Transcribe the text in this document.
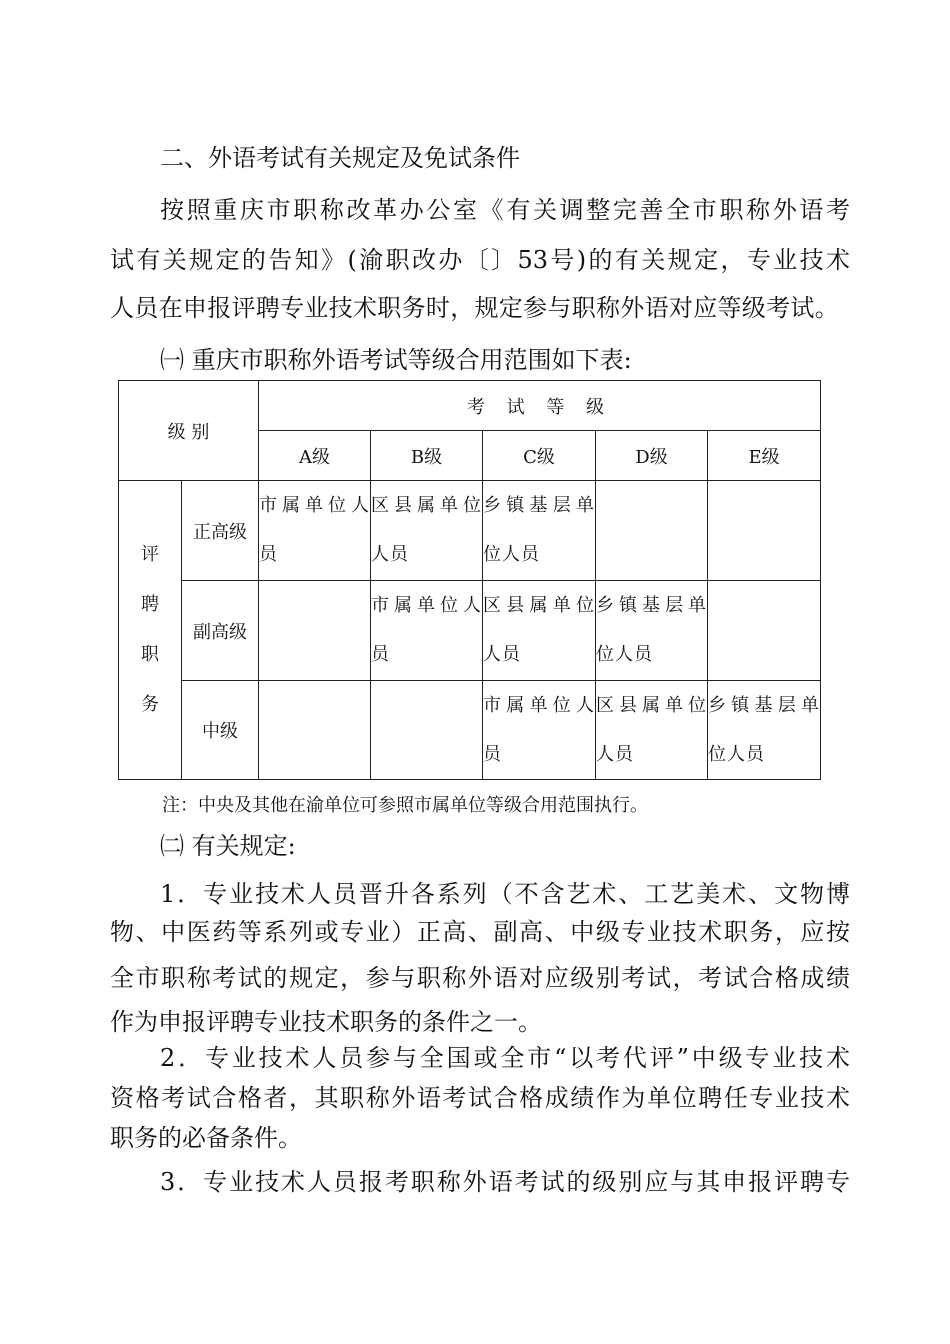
二、外语考试有关规定及免试条件
按照重庆市职称改革办公室《有关调整完善全市职称外语考
试有关规定的告知》(渝职改办〔〕53号)的有关规定，专业技术
人员在申报评聘专业技术职务时，规定参与职称外语对应等级考试。
㈠ 重庆市职称外语考试等级合用范围如下表:
级 别		考 试 等 级				
		A级	B级	C级	D级	E级

评
聘
职
务	正高级	市属单位人员	区县属单位人员	乡镇基层单位人员		
	副高级		市属单位人员	区县属单位人员	乡镇基层单位人员	
	中级			市属单位人员	区县属单位人员	乡镇基层单位人员
注：中央及其他在渝单位可参照市属单位等级合用范围执行。
㈡ 有关规定:
1．专业技术人员晋升各系列（不含艺术、工艺美术、文物博
物、中医药等系列或专业）正高、副高、中级专业技术职务，应按
全市职称考试的规定，参与职称外语对应级别考试，考试合格成绩
作为申报评聘专业技术职务的条件之一。
2．专业技术人员参与全国或全市“以考代评”中级专业技术
资格考试合格者，其职称外语考试合格成绩作为单位聘任专业技术
职务的必备条件。
3．专业技术人员报考职称外语考试的级别应与其申报评聘专
